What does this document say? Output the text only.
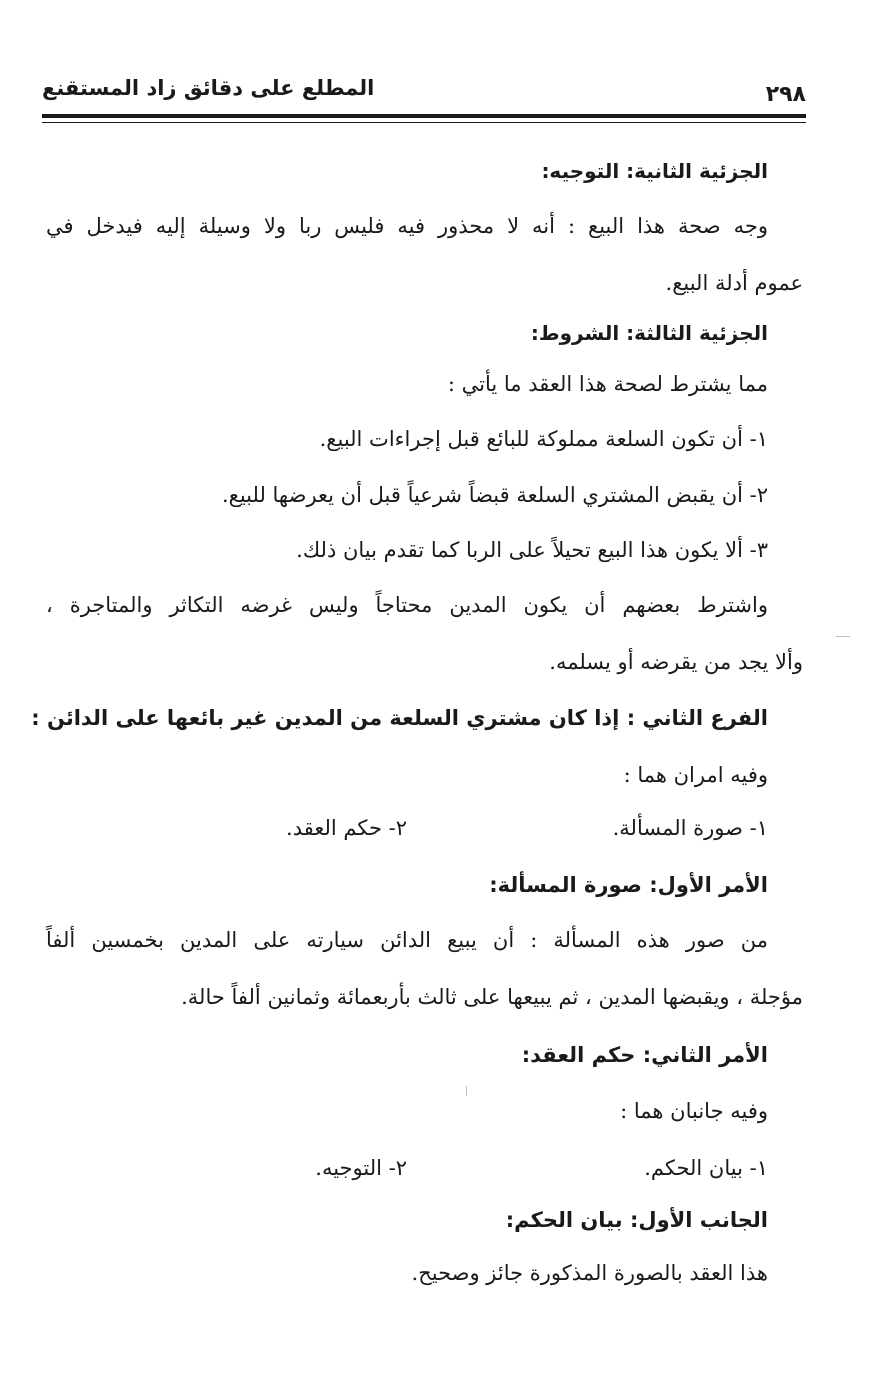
٢٩٨
المطلع على دقائق زاد المستقنع
الجزئية الثانية: التوجيه:
وجه صحة هذا البيع : أنه لا محذور فيه فليس ربا ولا وسيلة إليه فيدخل في
عموم أدلة البيع.
الجزئية الثالثة: الشروط:
مما يشترط لصحة هذا العقد ما يأتي :
١- أن تكون السلعة مملوكة للبائع قبل إجراءات البيع.
٢- أن يقبض المشتري السلعة قبضاً شرعياً قبل أن يعرضها للبيع.
٣- ألا يكون هذا البيع تحيلاً على الربا كما تقدم بيان ذلك.
واشترط بعضهم أن يكون المدين محتاجاً وليس غرضه التكاثر والمتاجرة ،
وألا يجد من يقرضه أو يسلمه.
الفرع الثاني : إذا كان مشتري السلعة من المدين غير بائعها على الدائن :
وفيه امران هما :
١- صورة المسألة.
٢- حكم العقد.
الأمر الأول: صورة المسألة:
من صور هذه المسألة : أن يبيع الدائن سيارته على المدين بخمسين ألفاً
مؤجلة ، ويقبضها المدين ، ثم يبيعها على ثالث بأربعمائة وثمانين ألفاً حالة.
الأمر الثاني: حكم العقد:
وفيه جانبان هما :
١- بيان الحكم.
٢- التوجيه.
الجانب الأول: بيان الحكم:
هذا العقد بالصورة المذكورة جائز وصحيح.
